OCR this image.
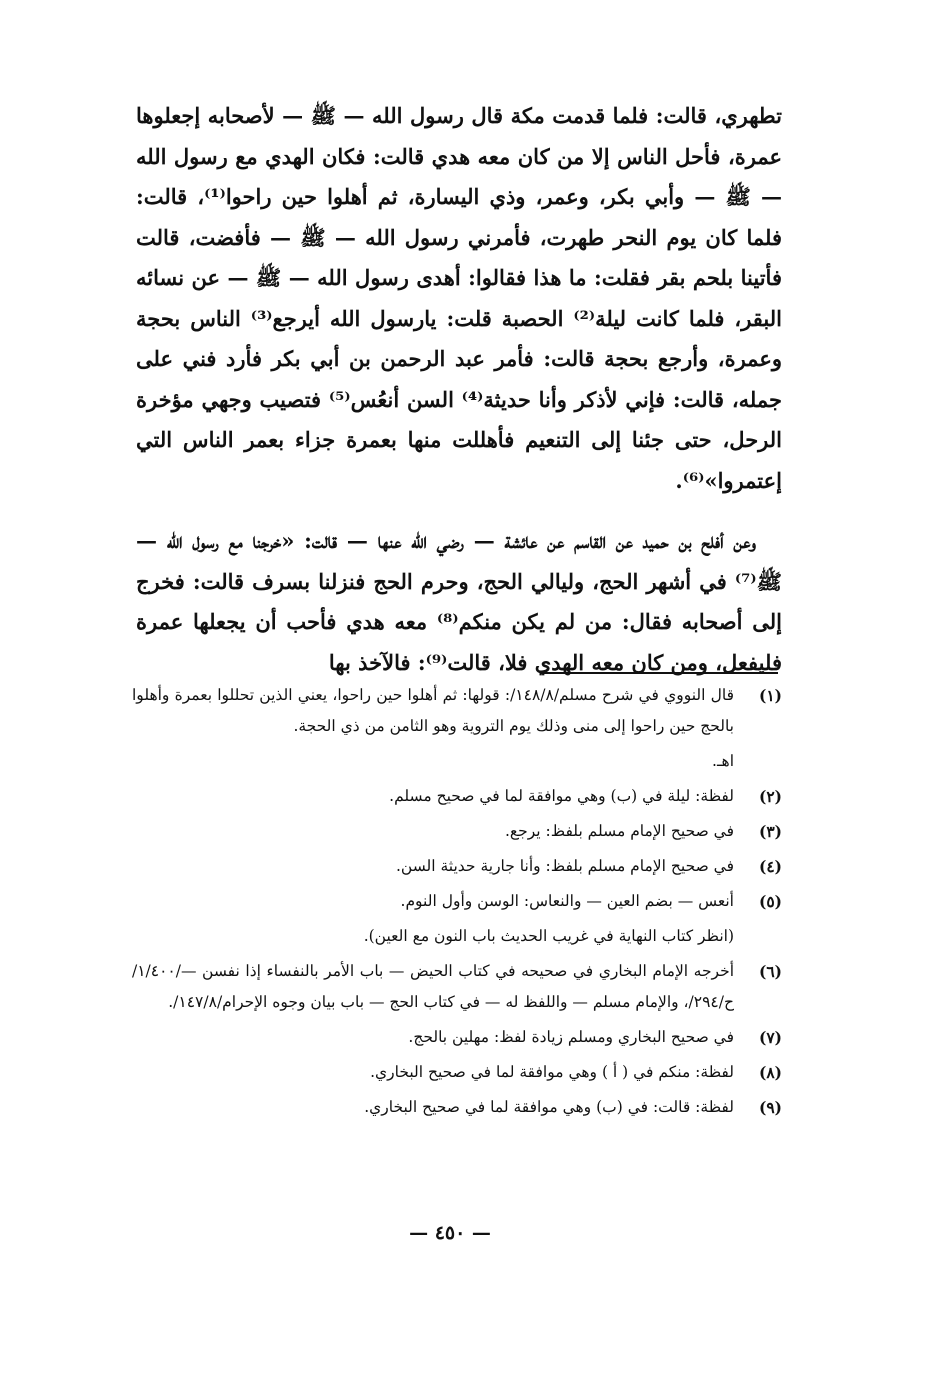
تطهري، قالت: فلما قدمت مكة قال رسول الله — ﷺ — لأصحابه إجعلوها عمرة، فأحل الناس إلا من كان معه هدي قالت: فكان الهدي مع رسول الله — ﷺ — وأبي بكر، وعمر، وذي اليسارة، ثم أهلوا حين راحوا⁽¹⁾، قالت: فلما كان يوم النحر طهرت، فأمرني رسول الله — ﷺ — فأفضت، قالت فأتينا بلحم بقر فقلت: ما هذا فقالوا: أهدى رسول الله — ﷺ — عن نسائه البقر، فلما كانت ليلة⁽²⁾ الحصبة قلت: يارسول الله أيرجع⁽³⁾ الناس بحجة وعمرة، وأرجع بحجة قالت: فأمر عبد الرحمن بن أبي بكر فأرد فني على جمله، قالت: فإني لأذكر وأنا حديثة⁽⁴⁾ السن أنعُس⁽⁵⁾ فتصيب وجهي مؤخرة الرحل، حتى جئنا إلى التنعيم فأهللت منها بعمرة جزاء بعمر الناس التي إعتمروا»⁽⁶⁾.

وعن أفلح بن حميد عن القاسم عن عائشة — رضي الله عنها — قالت: «خرجنا مع رسول الله — ﷺ⁽⁷⁾ في أشهر الحج، وليالي الحج، وحرم الحج فنزلنا بسرف قالت: فخرج إلى أصحابه فقال: من لم يكن منكم⁽⁸⁾ معه هدي فأحب أن يجعلها عمرة فليفعل، ومن كان معه الهدي فلا، قالت⁽⁹⁾: فالآخذ بها

(١)
قال النووي في شرح مسلم/١٤٨/٨/: قولها: ثم أهلوا حين راحوا، يعني الذين تحللوا بعمرة وأهلوا بالحج حين راحوا إلى منى وذلك يوم التروية وهو الثامن من ذي الحجة.
اهـ.
(٢)
لفظة: ليلة في (ب) وهي موافقة لما في صحيح مسلم.
(٣)
في صحيح الإمام مسلم بلفظ: يرجع.
(٤)
في صحيح الإمام مسلم بلفظ: وأنا جارية حديثة السن.
(٥)
أنعس — بضم العين — والنعاس: الوسن وأول النوم.
(انظر كتاب النهاية في غريب الحديث باب النون مع العين).
(٦)
أخرجه الإمام البخاري في صحيحه في كتاب الحيض — باب الأمر بالنفساء إذا نفسن —/١/٤٠٠/ح/٢٩٤/، والإمام مسلم — واللفظ له — في كتاب الحج — باب بيان وجوه الإحرام/١٤٧/٨/.
(٧)
في صحيح البخاري ومسلم زيادة لفظ: مهلين بالحج.
(٨)
لفظة: منكم في ( أ ) وهي موافقة لما في صحيح البخاري.
(٩)
لفظة: قالت: في (ب) وهي موافقة لما في صحيح البخاري.
— ٤٥٠ —
